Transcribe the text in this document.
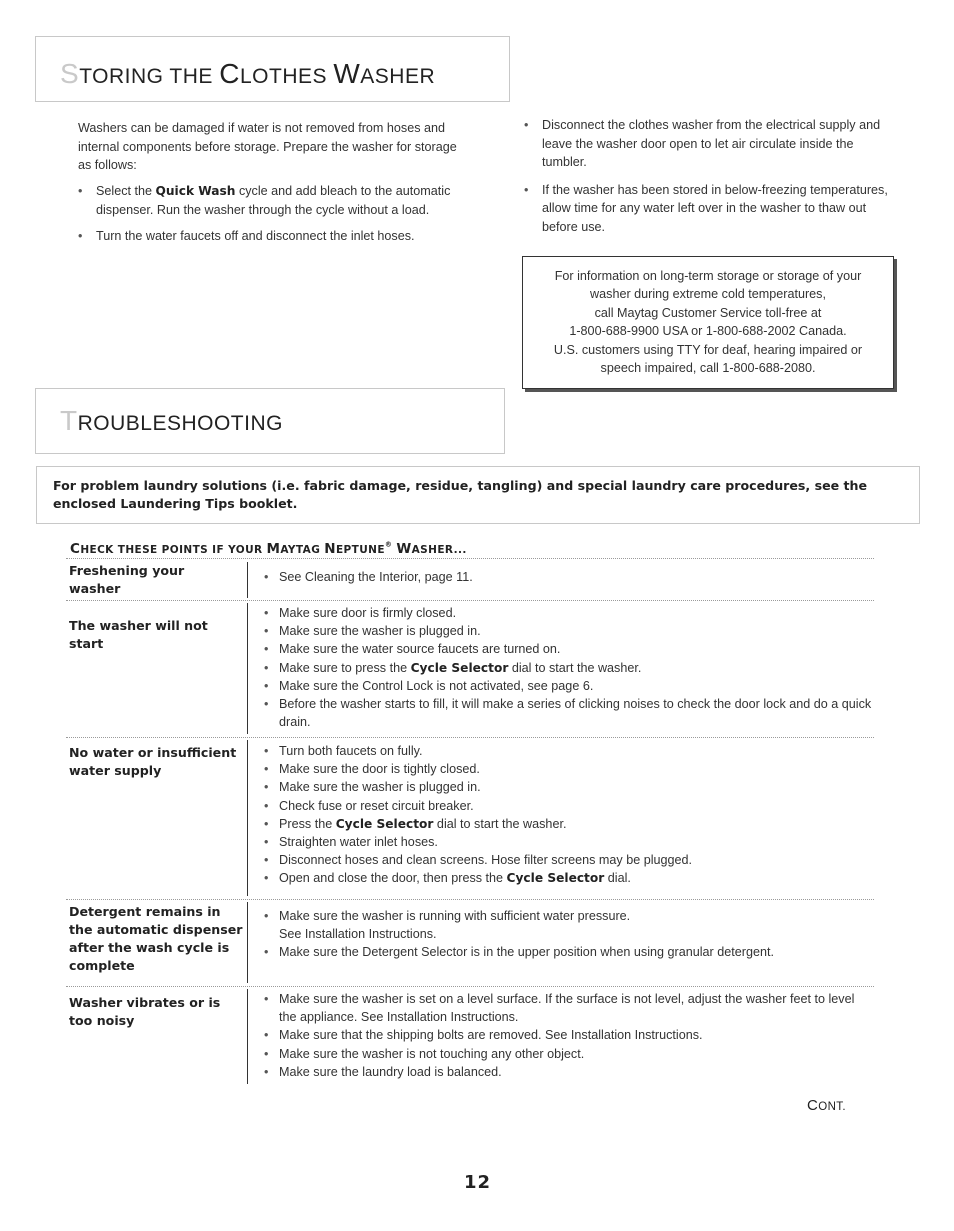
STORING THE CLOTHES WASHER
Washers can be damaged if water is not removed from hoses and internal components before storage. Prepare the washer for storage as follows:

• Select the Quick Wash cycle and add bleach to the automatic dispenser. Run the washer through the cycle without a load.

• Turn the water faucets off and disconnect the inlet hoses.

• Disconnect the clothes washer from the electrical supply and leave the washer door open to let air circulate inside the tumbler.

• If the washer has been stored in below-freezing temperatures, allow time for any water left over in the washer to thaw out before use.

For information on long-term storage or storage of your
washer during extreme cold temperatures,
call Maytag Customer Service toll-free at
1-800-688-9900 USA or 1-800-688-2002 Canada.
U.S. customers using TTY for deaf, hearing impaired or
speech impaired, call 1-800-688-2080.
TROUBLESHOOTING
For problem laundry solutions (i.e. fabric damage, residue, tangling) and special laundry care procedures, see the enclosed Laundering Tips booklet.
CHECK THESE POINTS IF YOUR MAYTAG NEPTUNE® WASHER...
Freshening your washer
• See Cleaning the Interior, page 11.
The washer will not start
• Make sure door is firmly closed.
• Make sure the washer is plugged in.
• Make sure the water source faucets are turned on.
• Make sure to press the Cycle Selector dial to start the washer.
• Make sure the Control Lock is not activated, see page 6.
• Before the washer starts to fill, it will make a series of clicking noises to check the door lock and do a quick drain.
No water or insufficient water supply
• Turn both faucets on fully.
• Make sure the door is tightly closed.
• Make sure the washer is plugged in.
• Check fuse or reset circuit breaker.
• Press the Cycle Selector dial to start the washer.
• Straighten water inlet hoses.
• Disconnect hoses and clean screens. Hose filter screens may be plugged.
• Open and close the door, then press the Cycle Selector dial.
Detergent remains in the automatic dispenser after the wash cycle is complete
• Make sure the washer is running with sufficient water pressure. See Installation Instructions.
• Make sure the Detergent Selector is in the upper position when using granular detergent.
Washer vibrates or is too noisy
• Make sure the washer is set on a level surface. If the surface is not level, adjust the washer feet to level the appliance. See Installation Instructions.
• Make sure that the shipping bolts are removed. See Installation Instructions.
• Make sure the washer is not touching any other object.
• Make sure the laundry load is balanced.
CONT.
12
